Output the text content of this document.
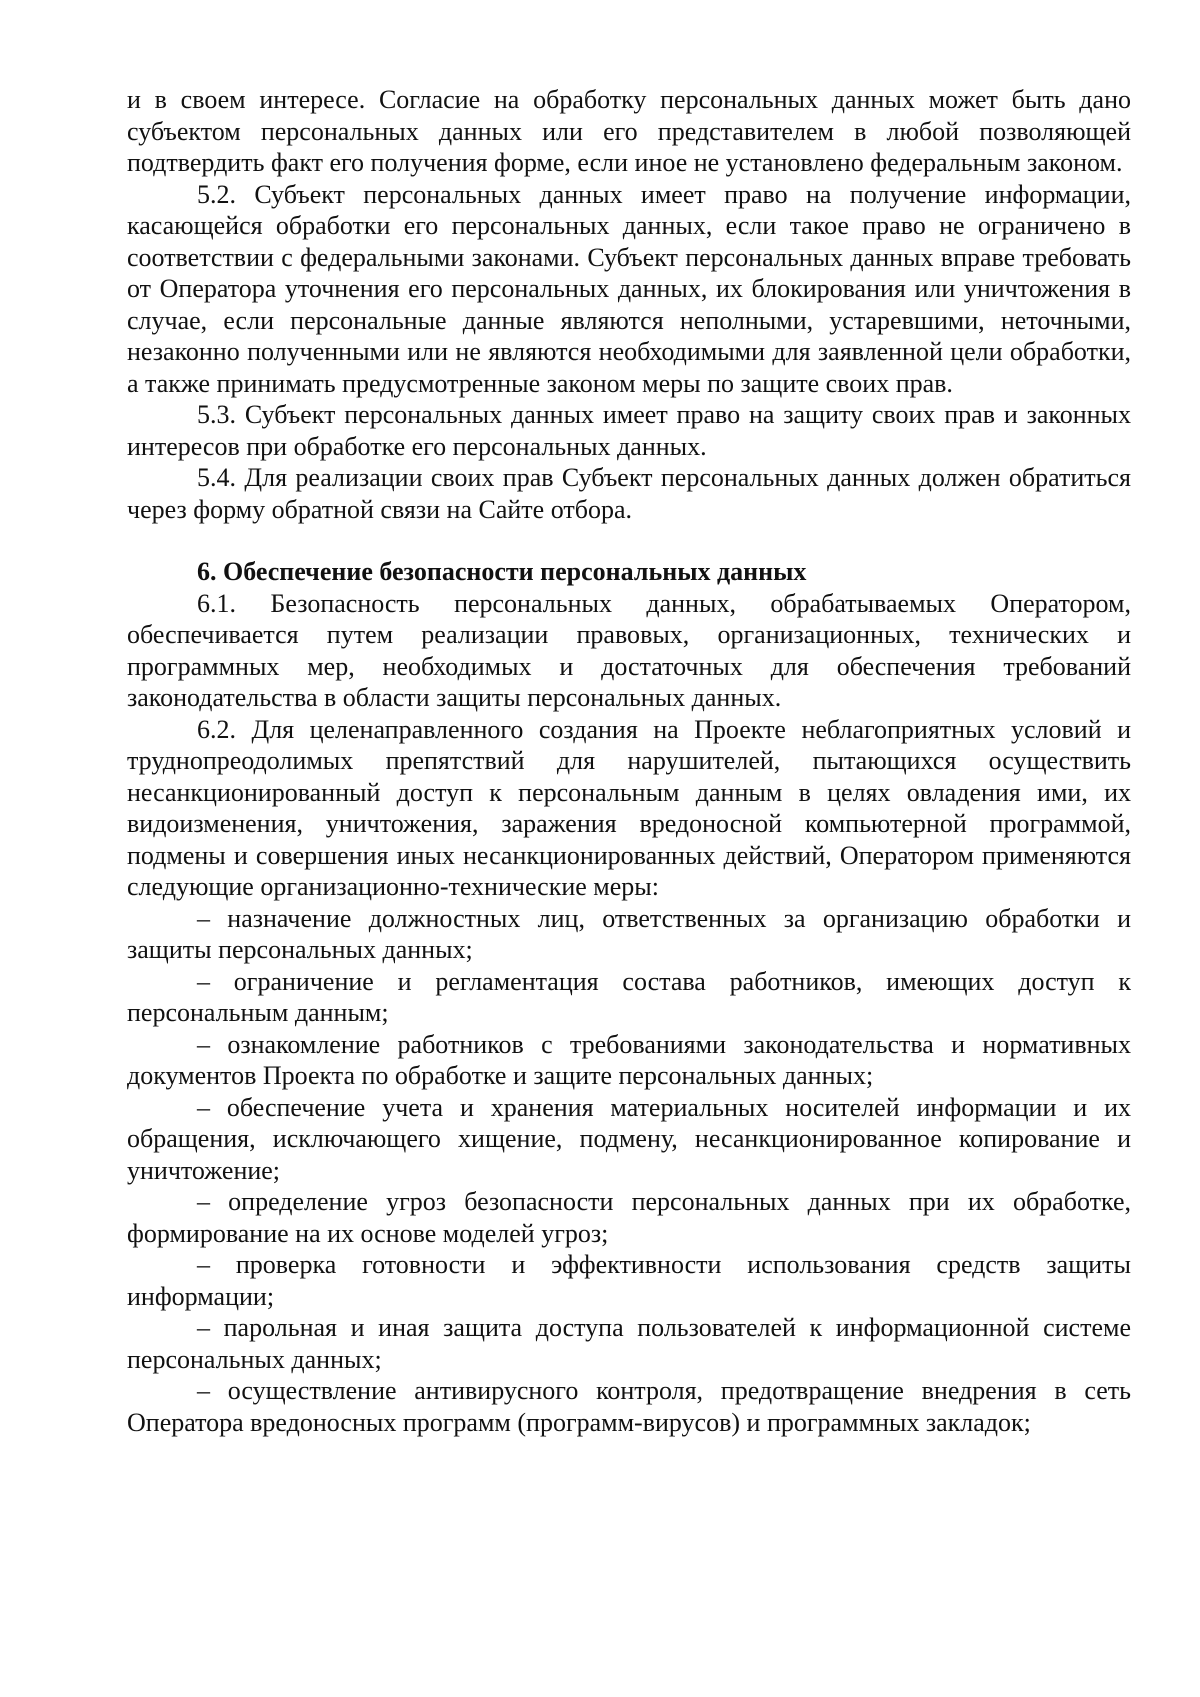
и в своем интересе. Согласие на обработку персональных данных может быть дано субъектом персональных данных или его представителем в любой позволяющей подтвердить факт его получения форме, если иное не установлено федеральным законом.

5.2. Субъект персональных данных имеет право на получение информации, касающейся обработки его персональных данных, если такое право не ограничено в соответствии с федеральными законами. Субъект персональных данных вправе требовать от Оператора уточнения его персональных данных, их блокирования или уничтожения в случае, если персональные данные являются неполными, устаревшими, неточными, незаконно полученными или не являются необходимыми для заявленной цели обработки, а также принимать предусмотренные законом меры по защите своих прав.

5.3. Субъект персональных данных имеет право на защиту своих прав и законных интересов при обработке его персональных данных.

5.4. Для реализации своих прав Субъект персональных данных должен обратиться через форму обратной связи на Сайте отбора.

6. Обеспечение безопасности персональных данных

6.1. Безопасность персональных данных, обрабатываемых Оператором, обеспечивается путем реализации правовых, организационных, технических и программных мер, необходимых и достаточных для обеспечения требований законодательства в области защиты персональных данных.

6.2. Для целенаправленного создания на Проекте неблагоприятных условий и труднопреодолимых препятствий для нарушителей, пытающихся осуществить несанкционированный доступ к персональным данным в целях овладения ими, их видоизменения, уничтожения, заражения вредоносной компьютерной программой, подмены и совершения иных несанкционированных действий, Оператором применяются следующие организационно-технические меры:

– назначение должностных лиц, ответственных за организацию обработки и защиты персональных данных;

– ограничение и регламентация состава работников, имеющих доступ к персональным данным;

– ознакомление работников с требованиями законодательства и нормативных документов Проекта по обработке и защите персональных данных;

– обеспечение учета и хранения материальных носителей информации и их обращения, исключающего хищение, подмену, несанкционированное копирование и уничтожение;

– определение угроз безопасности персональных данных при их обработке, формирование на их основе моделей угроз;

– проверка готовности и эффективности использования средств защиты информации;

– парольная и иная защита доступа пользователей к информационной системе персональных данных;

– осуществление антивирусного контроля, предотвращение внедрения в сеть Оператора вредоносных программ (программ-вирусов) и программных закладок;
